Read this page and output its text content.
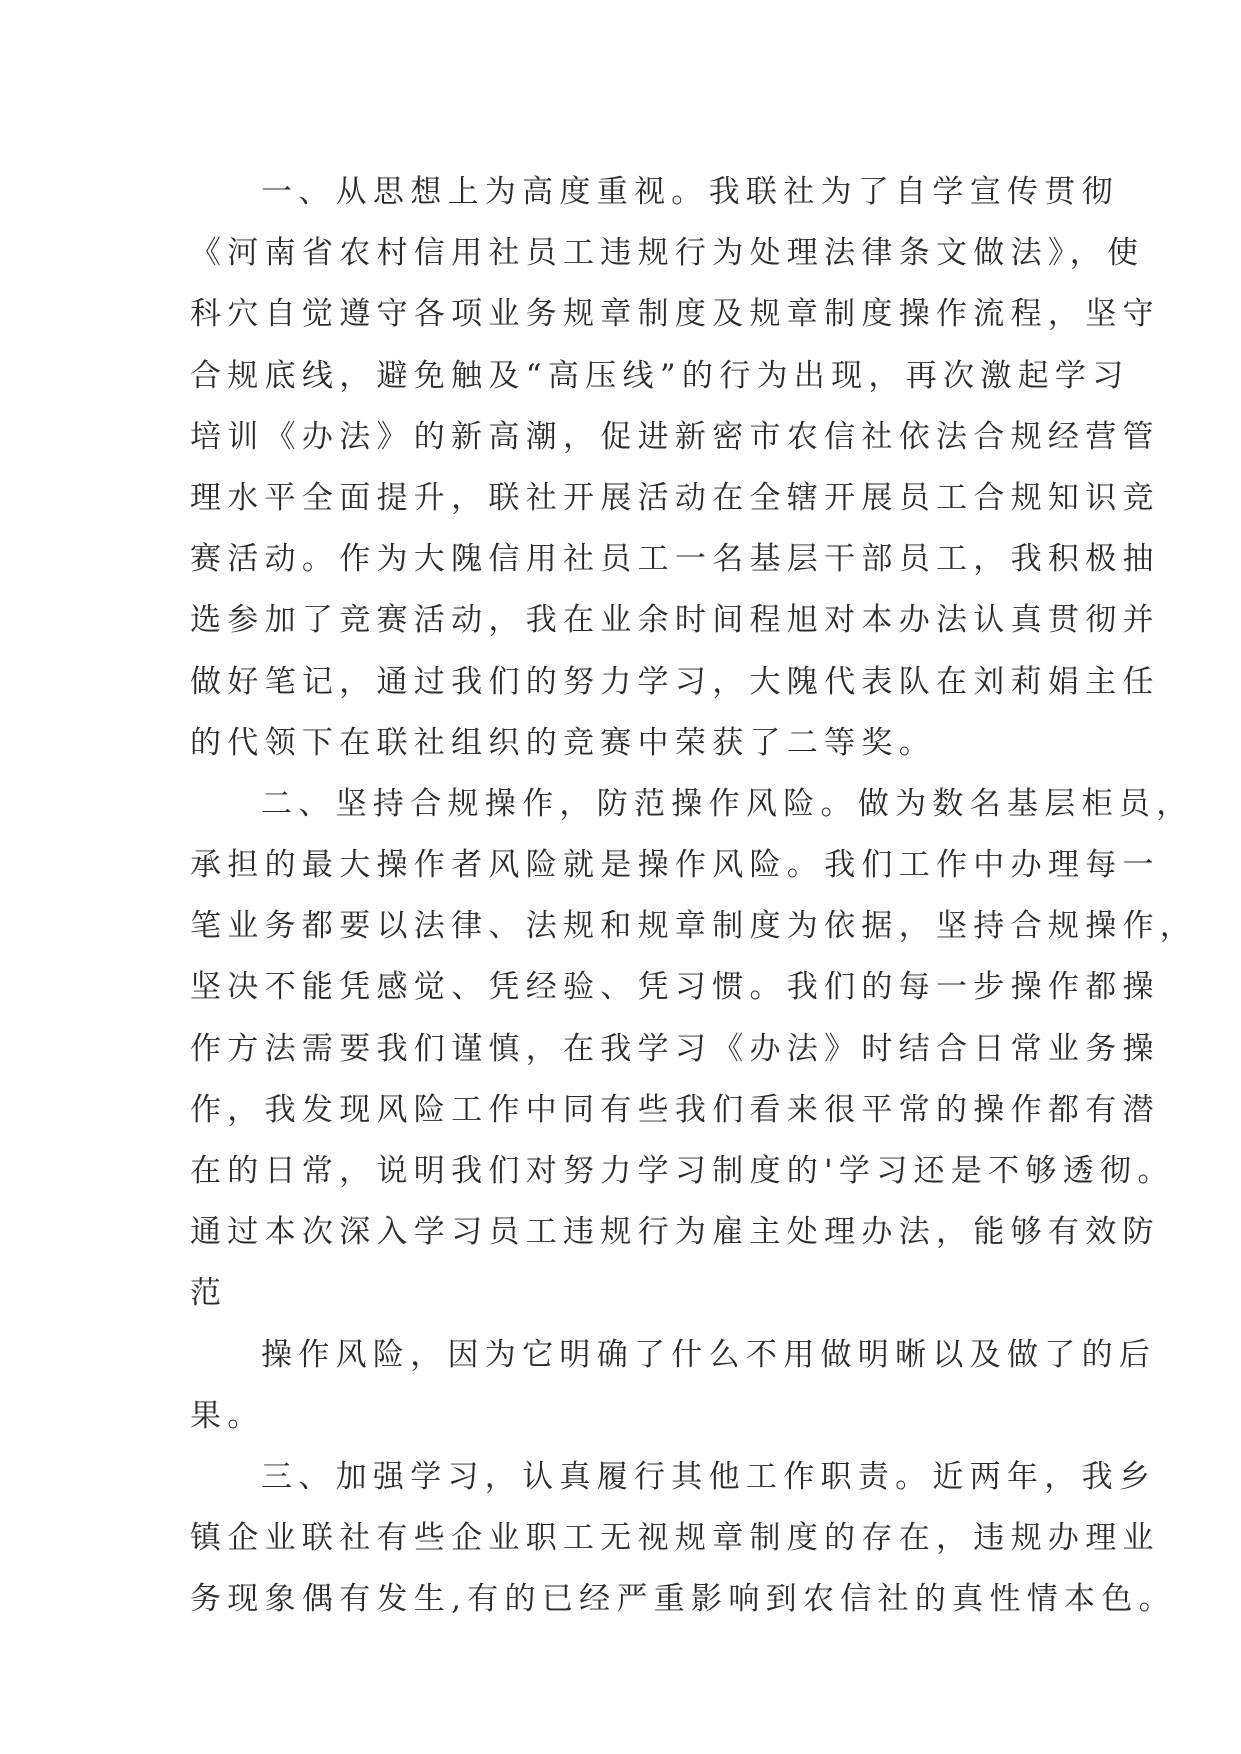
一、从思想上为高度重视。我联社为了自学宣传贯彻
《河南省农村信用社员工违规行为处理法律条文做法》，使
科穴自觉遵守各项业务规章制度及规章制度操作流程，坚守
合规底线，避免触及“高压线”的行为出现，再次激起学习
培训《办法》的新高潮，促进新密市农信社依法合规经营管
理水平全面提升，联社开展活动在全辖开展员工合规知识竞
赛活动。作为大隗信用社员工一名基层干部员工，我积极抽
选参加了竞赛活动，我在业余时间程旭对本办法认真贯彻并
做好笔记，通过我们的努力学习，大隗代表队在刘莉娟主任
的代领下在联社组织的竞赛中荣获了二等奖。
二、坚持合规操作，防范操作风险。做为数名基层柜员，
承担的最大操作者风险就是操作风险。我们工作中办理每一
笔业务都要以法律、法规和规章制度为依据，坚持合规操作，
坚决不能凭感觉、凭经验、凭习惯。我们的每一步操作都操
作方法需要我们谨慎，在我学习《办法》时结合日常业务操
作，我发现风险工作中同有些我们看来很平常的操作都有潜
在的日常，说明我们对努力学习制度的'学习还是不够透彻。
通过本次深入学习员工违规行为雇主处理办法，能够有效防
范
操作风险，因为它明确了什么不用做明晰以及做了的后
果。
三、加强学习，认真履行其他工作职责。近两年，我乡
镇企业联社有些企业职工无视规章制度的存在，违规办理业
务现象偶有发生,有的已经严重影响到农信社的真性情本色。
